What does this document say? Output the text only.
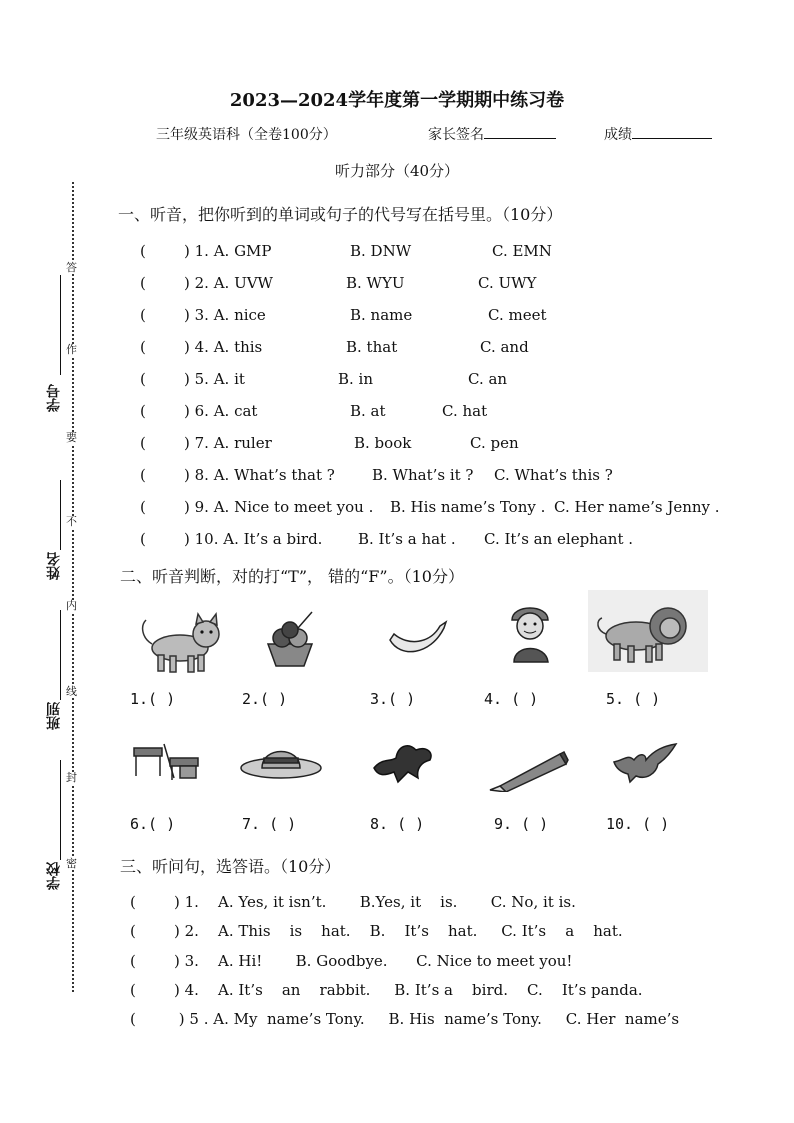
学号
姓名
班别
学校
答
作
要
不
内
线
封
密
2023—2024学年度第一学期期中练习卷
三年级英语科（全卷100分）	家长签名	成绩
听力部分（40分）
一、听音，把你听到的单词或句子的代号写在括号里。（10分）
(	) 1. A. GMP	B. DNW	C. EMN
(	) 2. A. UVW	B. WYU	C. UWY
(	) 3. A. nice	B. name	C. meet
(	) 4. A. this	B. that	C. and
(	) 5. A. it	B. in	C. an
(	) 6. A. cat	B. at	C. hat
(	) 7. A. ruler	B. book	C. pen
(	) 8. A. What’s that ? B. What’s it ? C. What’s this ?
(	) 9. A. Nice to meet you . B. His name’s Tony . C. Her name’s Jenny .
(	) 10. A. It’s a bird. B. It’s a hat . C. It’s an elephant .
二、听音判断，对的打“T”， 错的“F”。（10分）
1.( )	2.( )	3.( )	4. ( )	5. ( )
6.( )	7. ( )	8. ( )	9. ( )	10. ( )
三、听问句，选答语。（10分）
(        ) 1.    A. Yes, it isn’t.       B.Yes, it    is.       C. No, it is.
(        ) 2.    A. This    is    hat.    B.    It’s    hat.     C. It’s    a    hat.
(        ) 3.    A. Hi!       B. Goodbye.      C. Nice to meet you!
(        ) 4.    A. It’s    an    rabbit.     B. It’s a    bird.    C.    It’s panda.
(         ) 5 . A. My  name’s Tony.     B. His  name’s Tony.     C. Her  name’s
